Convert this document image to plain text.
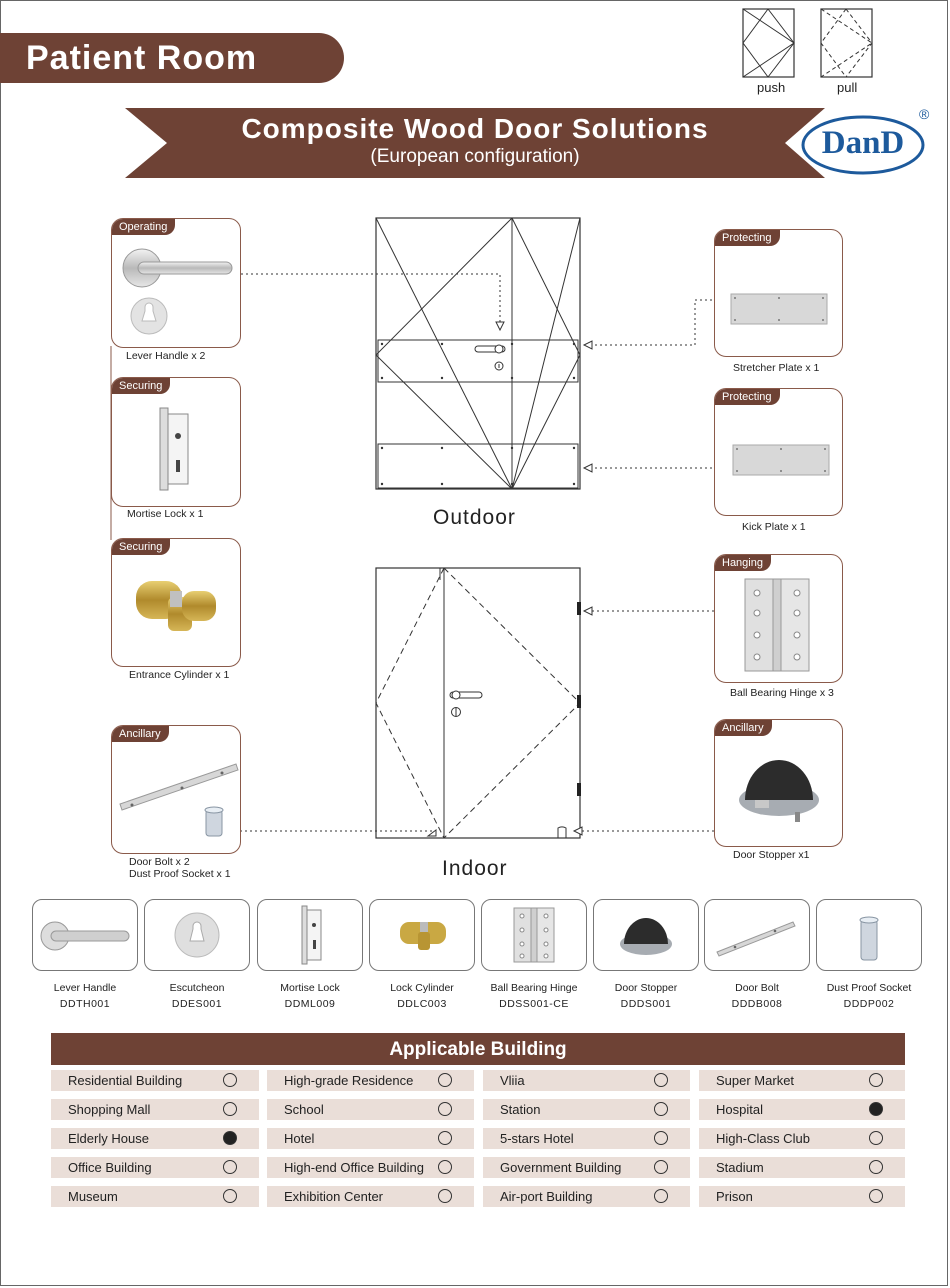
Patient Room
push	pull
Composite Wood Door Solutions
(European configuration)	DanD
®
Outdoor
Indoor
Operating
Lever Handle x 2
Securing
Mortise Lock x 1
Securing
Entrance Cylinder x 1
Ancillary
Door Bolt x 2
Dust Proof Socket x 1
Protecting
Stretcher Plate x 1
Protecting
Kick Plate x 1
Hanging
Ball Bearing Hinge x 3
Ancillary
Door Stopper x1
Lever Handle
DDTH001
Escutcheon
DDES001
Mortise Lock
DDML009
Lock Cylinder
DDLC003
Ball Bearing Hinge
DDSS001-CE
Door Stopper
DDDS001
Door Bolt
DDDB008
Dust Proof Socket
DDDP002
Applicable Building
Residential Building	High-grade Residence	Vliia	Super Market
Shopping Mall	School	Station	Hospital
Elderly House	Hotel	5-stars Hotel	High-Class Club
Office Building	High-end Office Building	Government Building	Stadium
Museum	Exhibition Center	Air-port Building	Prison
